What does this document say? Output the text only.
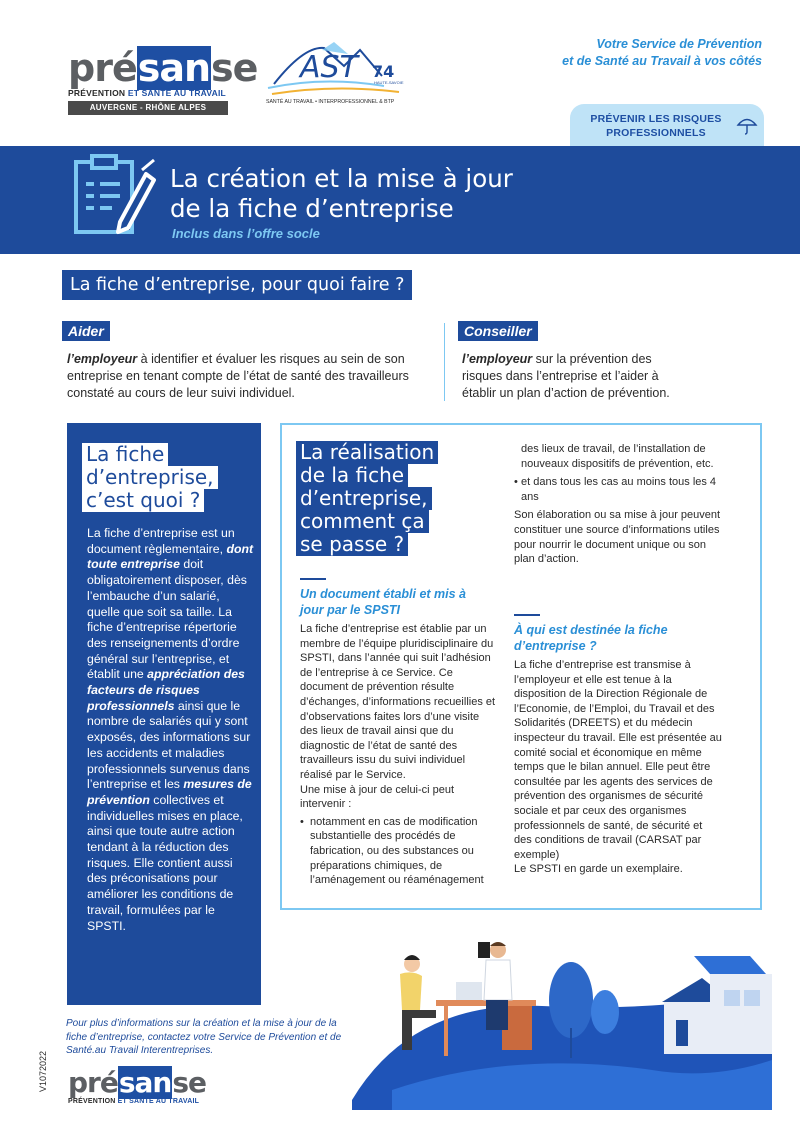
présanse
PRÉVENTION ET SANTÉ AU TRAVAIL
AUVERGNE - RHÔNE ALPES
AST 74
HAUTE-SAVOIE
SANTÉ AU TRAVAIL • INTERPROFESSIONNEL & BTP
Votre Service de Prévention
et de Santé au Travail à vos côtés
PRÉVENIR LES RISQUES
PROFESSIONNELS
La création et la mise à jour
de la fiche d’entreprise
Inclus dans l’offre socle
La fiche d’entreprise, pour quoi faire ?
Aider
l’employeur à identifier et évaluer les risques au sein de son entreprise en tenant compte de l’état de santé des travailleurs constaté au cours de leur suivi individuel.
Conseiller
l’employeur sur la prévention des risques dans l’entreprise et l’aider à établir un plan d’action de prévention.
La fiche
d’entreprise,
c’est quoi ?
La fiche d’entreprise est un document règlementaire, dont toute entreprise doit obligatoirement disposer, dès l’embauche d’un salarié, quelle que soit sa taille. La fiche d’entreprise répertorie des renseignements d’ordre général sur l’entreprise, et établit une appréciation des facteurs de risques professionnels ainsi que le nombre de salariés qui y sont exposés, des informations sur les accidents et maladies professionnels survenus dans l’entreprise et les mesures de prévention collectives et individuelles mises en place, ainsi que toute autre action tendant à la réduction des risques. Elle contient aussi des préconisations pour améliorer les conditions de travail, formulées par le SPSTI.
La réalisation
de la fiche
d’entreprise,
comment ça
se passe ?
Un document établi et mis à jour par le SPSTI
La fiche d’entreprise est établie par un membre de l’équipe pluridisciplinaire du SPSTI, dans l’année qui suit l’adhésion de l’entreprise à ce Service. Ce document de prévention résulte d’échanges, d’informations recueillies et d’observations faites lors d’une visite des lieux de travail ainsi que du diagnostic de l’état de santé des travailleurs issu du suivi individuel réalisé par le Service.
Une mise à jour de celui-ci peut intervenir :
• notamment en cas de modification substantielle des procédés de fabrication, ou des substances ou préparations chimiques, de l’aménagement ou réaménagement
des lieux de travail, de l’installation de nouveaux dispositifs de prévention, etc.
• et dans tous les cas au moins tous les 4 ans
Son élaboration ou sa mise à jour peuvent constituer une source d’informations utiles pour nourrir le document unique ou son plan d’action.
À qui est destinée la fiche d’entreprise ?
La fiche d’entreprise est transmise à l’employeur et elle est tenue à la disposition de la Direction Régionale de l’Economie, de l’Emploi, du Travail et des Solidarités (DREETS) et du médecin inspecteur du travail. Elle est présentée au comité social et économique en même temps que le bilan annuel. Elle peut être consultée par les agents des services de prévention des organismes de sécurité sociale et par ceux des organismes professionnels de santé, de sécurité et des conditions de travail (CARSAT par exemple)
Le SPSTI en garde un exemplaire.
Pour plus d’informations sur la création et la mise à jour de la fiche d’entreprise, contactez votre Service de Prévention et de Santé.au Travail Interentreprises.
V1072022 présanse
PRÉVENTION ET SANTÉ AU TRAVAIL
